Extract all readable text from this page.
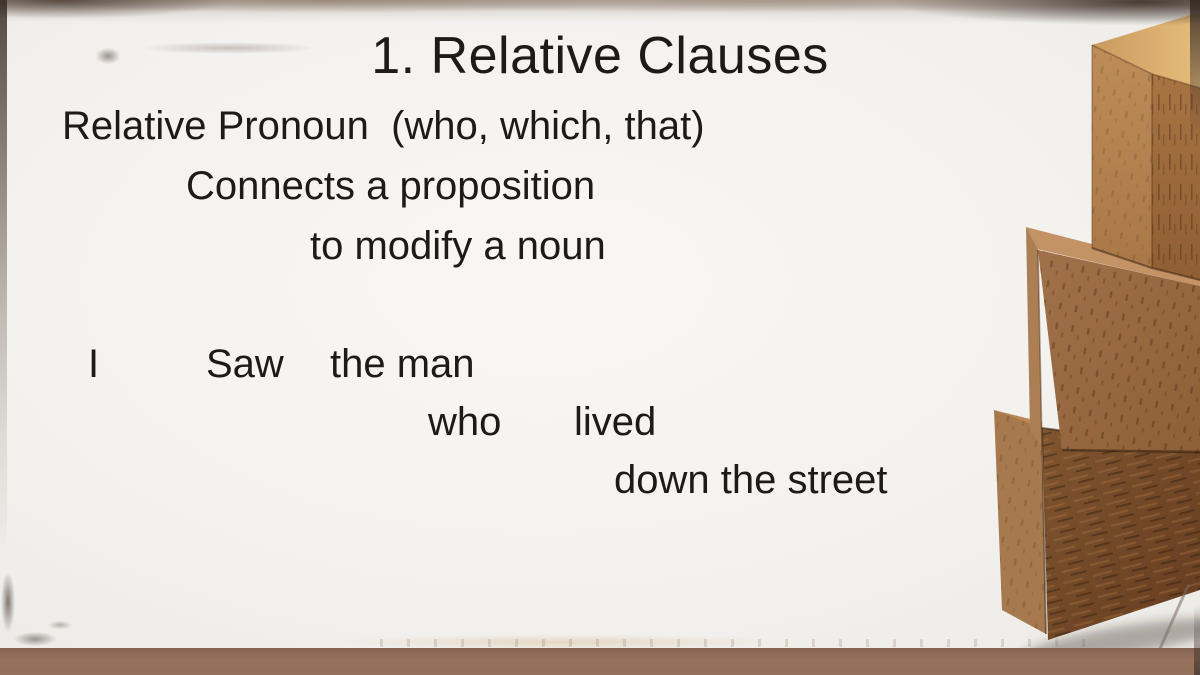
1. Relative Clauses
Relative Pronoun  (who, which, that)
Connects a proposition
to modify a noun
I	Saw the man
who lived
down the street
